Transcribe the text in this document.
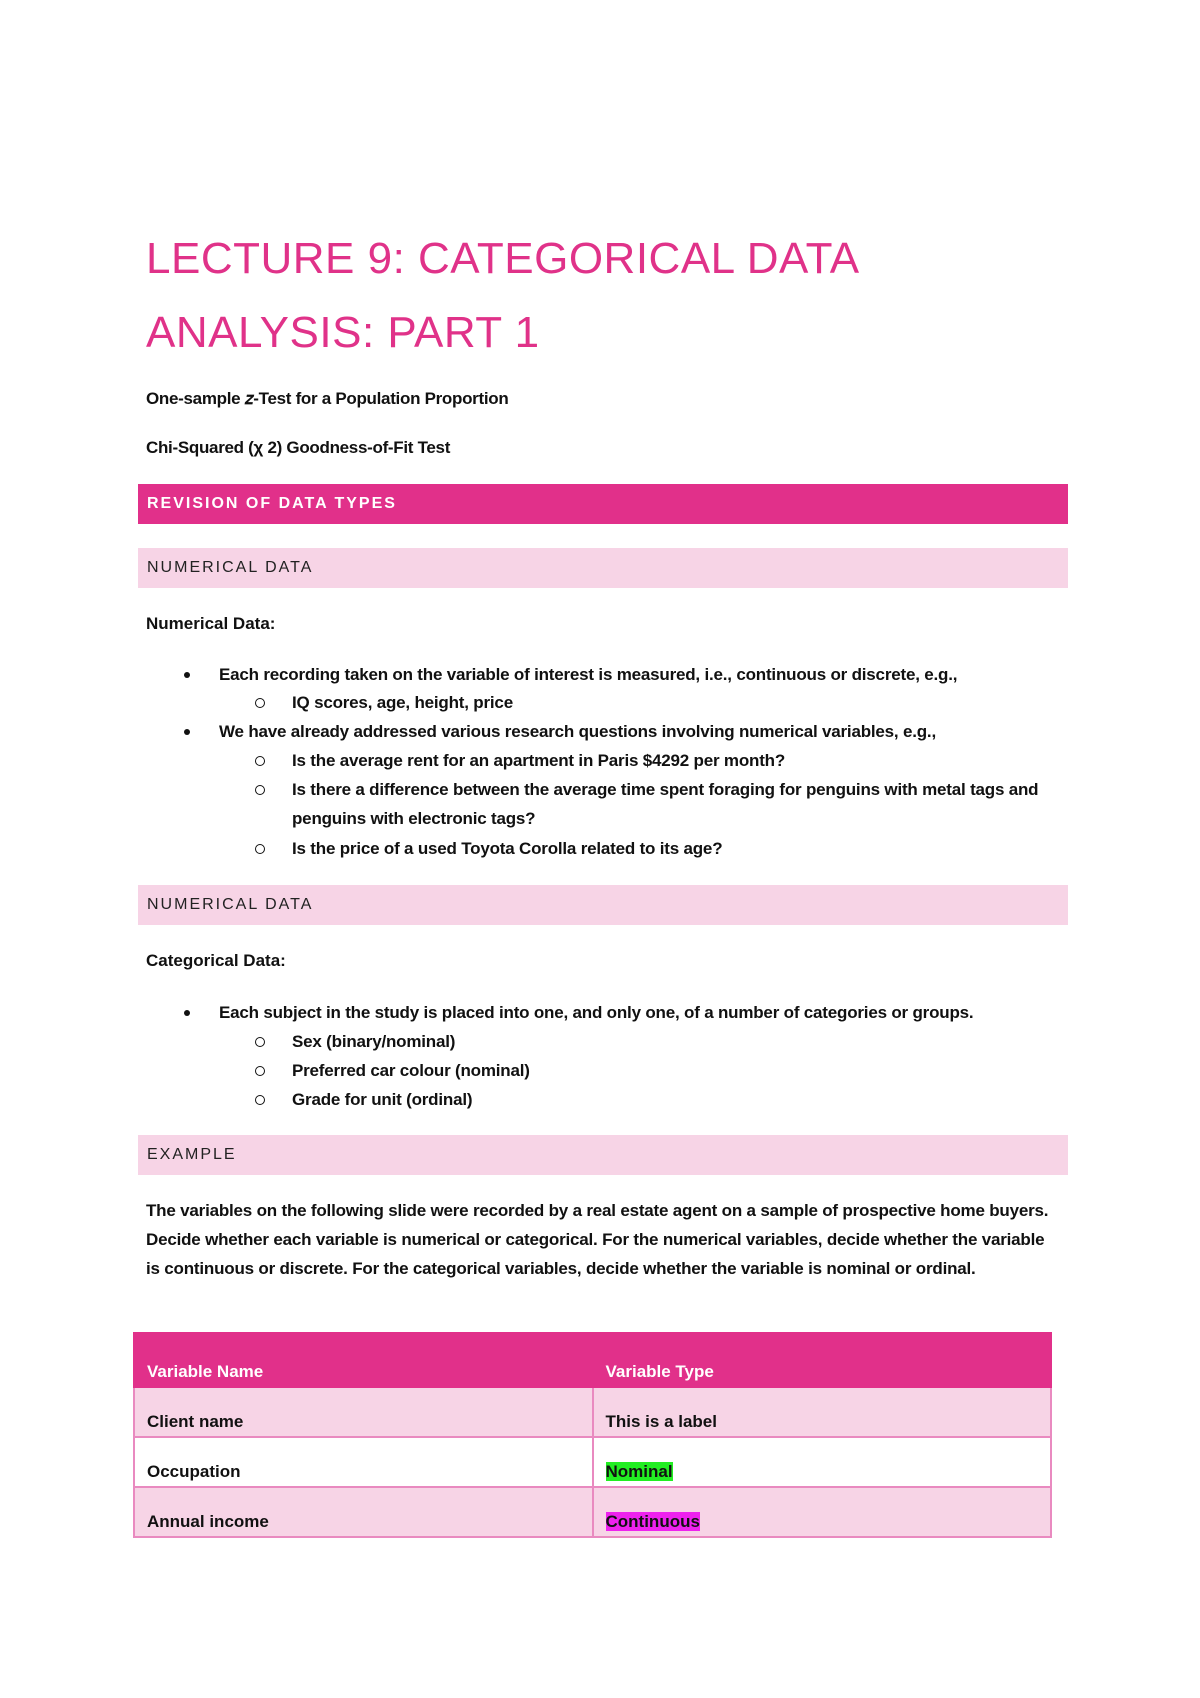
LECTURE 9: CATEGORICAL DATA
ANALYSIS: PART 1
One-sample 𝑧-Test for a Population Proportion
Chi-Squared (χ 2) Goodness-of-Fit Test
REVISION OF DATA TYPES
NUMERICAL DATA
Numerical Data:
Each recording taken on the variable of interest is measured, i.e., continuous or discrete, e.g.,
IQ scores, age, height, price
We have already addressed various research questions involving numerical variables, e.g.,
Is the average rent for an apartment in Paris $4292 per month?
Is there a difference between the average time spent foraging for penguins with metal tags and penguins with electronic tags?
Is the price of a used Toyota Corolla related to its age?
NUMERICAL DATA
Categorical Data:
Each subject in the study is placed into one, and only one, of a number of categories or groups.
Sex (binary/nominal)
Preferred car colour (nominal)
Grade for unit (ordinal)
EXAMPLE
The variables on the following slide were recorded by a real estate agent on a sample of prospective home buyers. Decide whether each variable is numerical or categorical. For the numerical variables, decide whether the variable is continuous or discrete. For the categorical variables, decide whether the variable is nominal or ordinal.
Variable Name	Variable Type
Client name	This is a label
Occupation	Nominal
Annual income	Continuous
